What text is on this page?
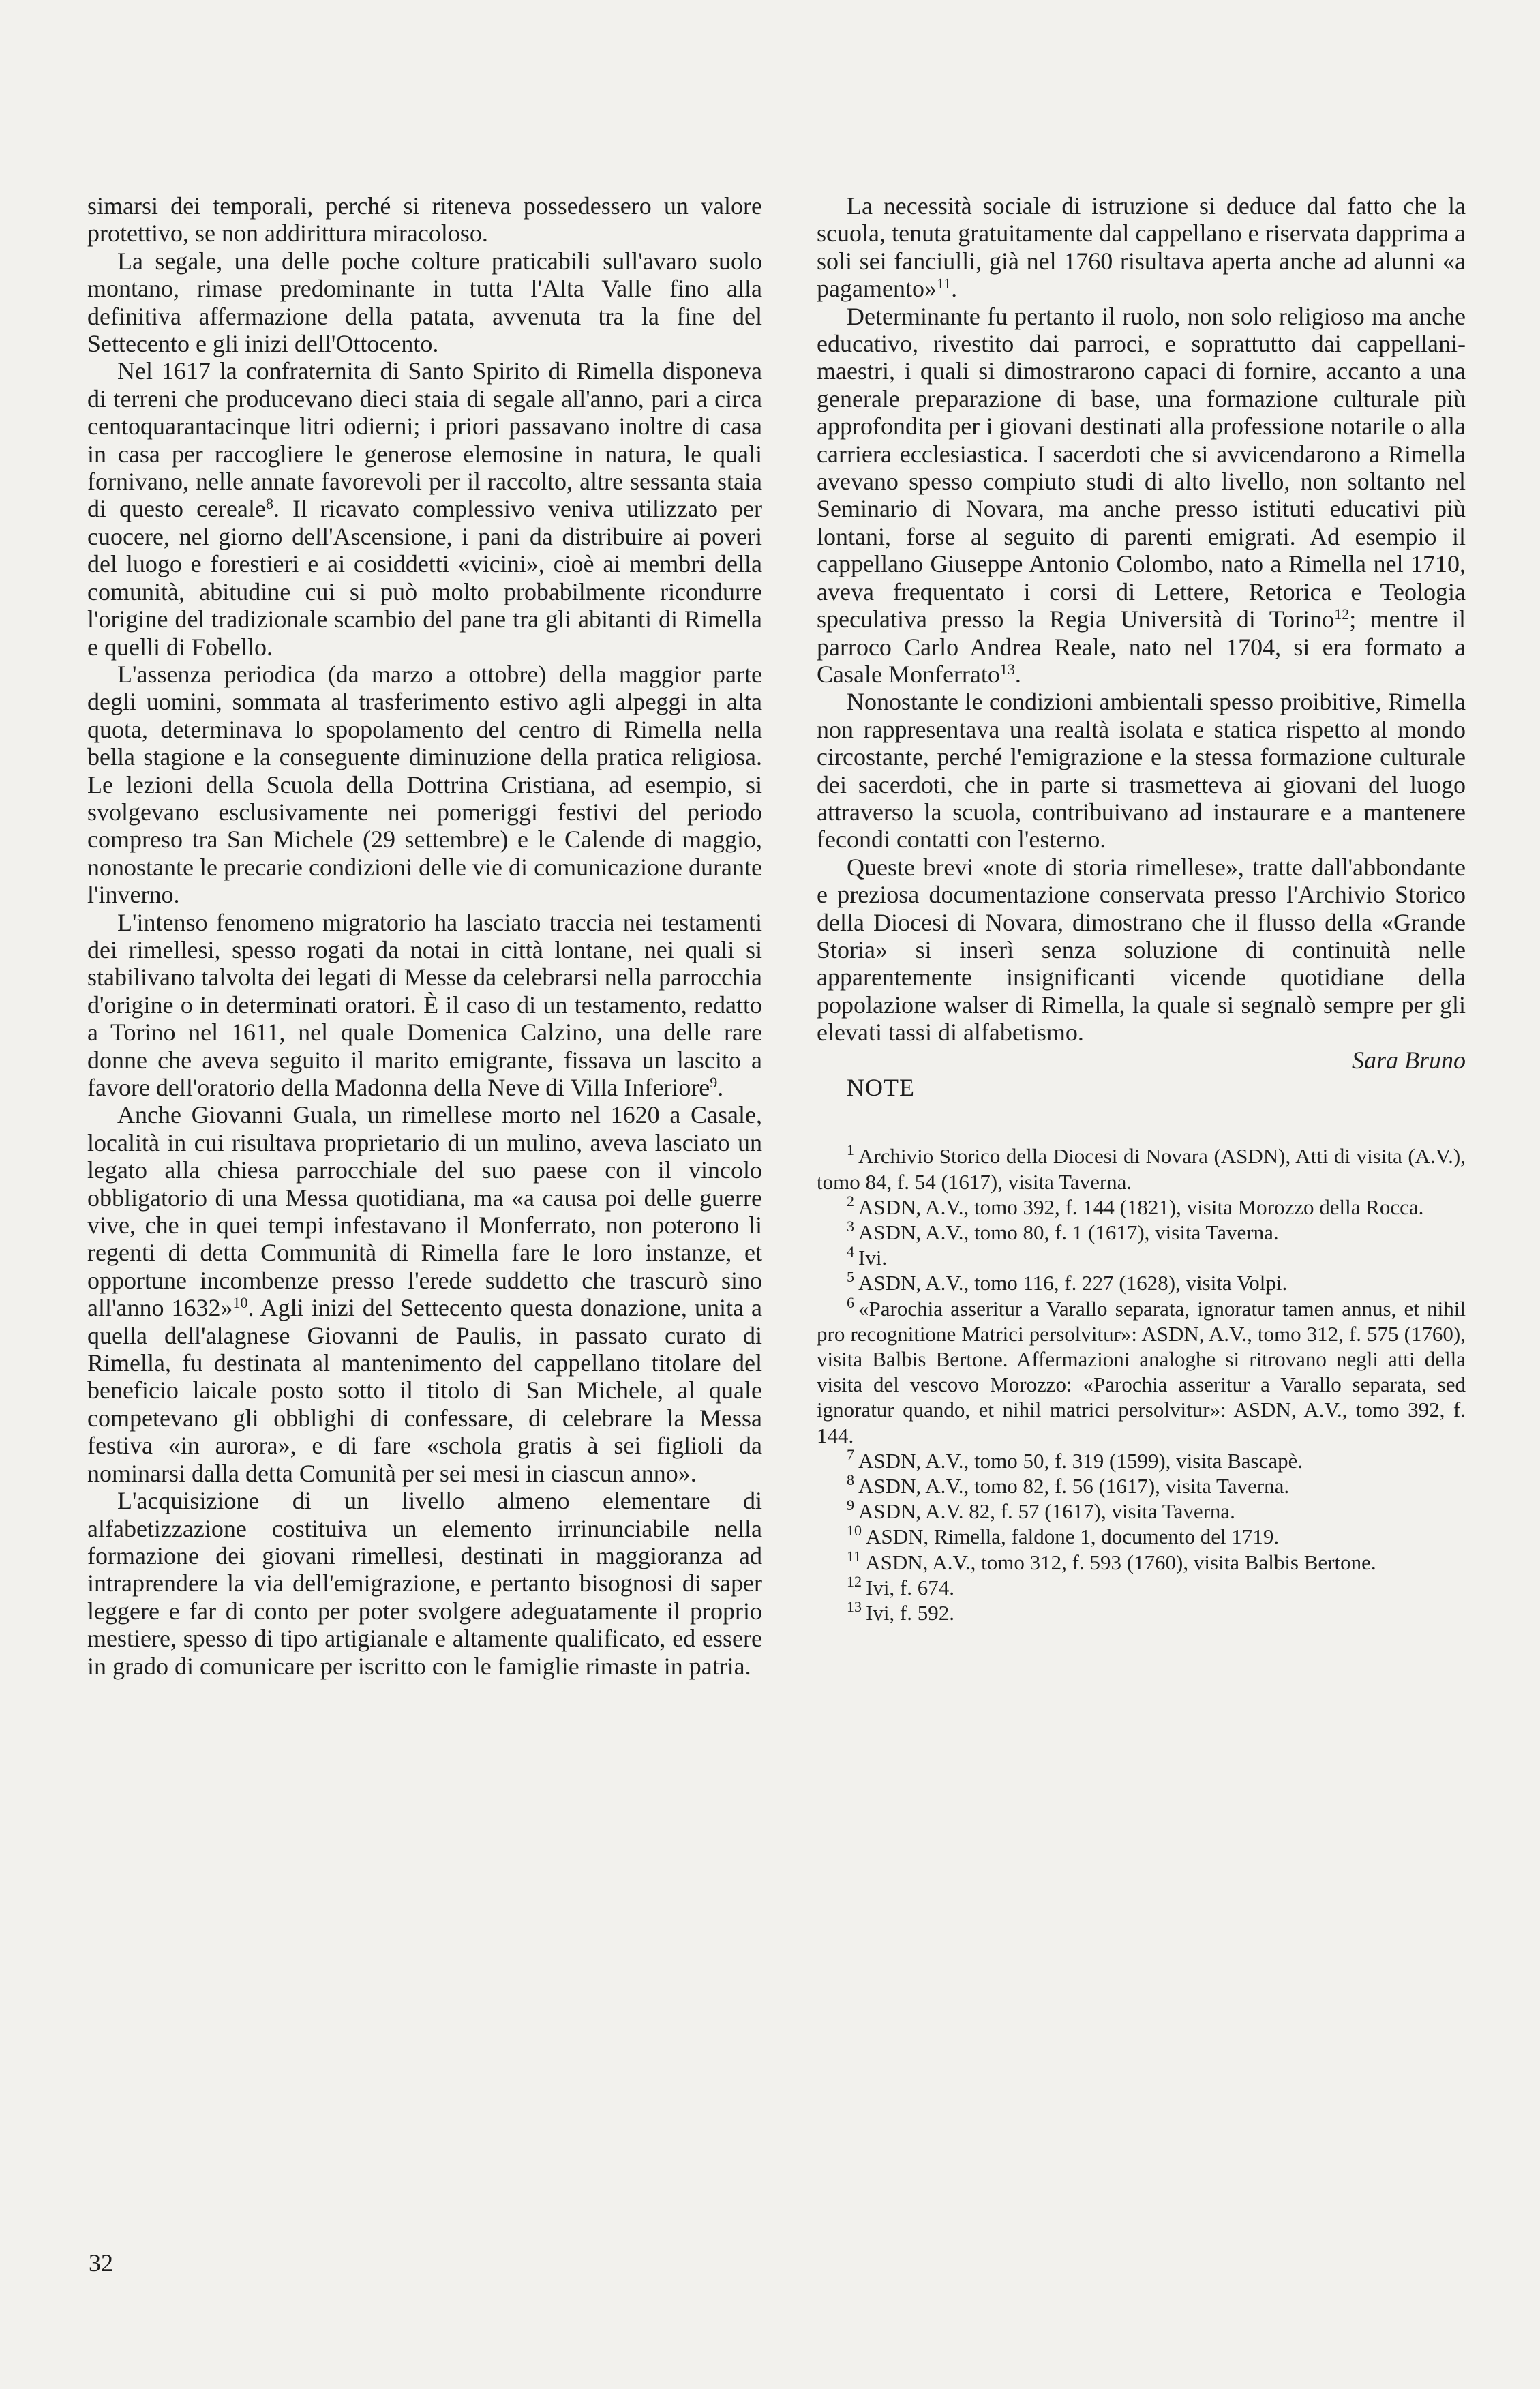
simarsi dei temporali, perché si riteneva possedessero un valore protettivo, se non addirittura miracoloso.

La segale, una delle poche colture praticabili sull'avaro suolo montano, rimase predominante in tutta l'Alta Valle fino alla definitiva affermazione della patata, avvenuta tra la fine del Settecento e gli inizi dell'Ottocento.

Nel 1617 la confraternita di Santo Spirito di Rimella disponeva di terreni che producevano dieci staia di segale all'anno, pari a circa centoquarantacinque litri odierni; i priori passavano inoltre di casa in casa per raccogliere le generose elemosine in natura, le quali fornivano, nelle annate favorevoli per il raccolto, altre sessanta staia di questo cereale$^8$. Il ricavato complessivo veniva utilizzato per cuocere, nel giorno dell'Ascensione, i pani da distribuire ai poveri del luogo e forestieri e ai cosiddetti «vicini», cioè ai membri della comunità, abitudine cui si può molto probabilmente ricondurre l'origine del tradizionale scambio del pane tra gli abitanti di Rimella e quelli di Fobello.

L'assenza periodica (da marzo a ottobre) della maggior parte degli uomini, sommata al trasferimento estivo agli alpeggi in alta quota, determinava lo spopolamento del centro di Rimella nella bella stagione e la conseguente diminuzione della pratica religiosa. Le lezioni della Scuola della Dottrina Cristiana, ad esempio, si svolgevano esclusivamente nei pomeriggi festivi del periodo compreso tra San Michele (29 settembre) e le Calende di maggio, nonostante le precarie condizioni delle vie di comunicazione durante l'inverno.

L'intenso fenomeno migratorio ha lasciato traccia nei testamenti dei rimellesi, spesso rogati da notai in città lontane, nei quali si stabilivano talvolta dei legati di Messe da celebrarsi nella parrocchia d'origine o in determinati oratori. È il caso di un testamento, redatto a Torino nel 1611, nel quale Domenica Calzino, una delle rare donne che aveva seguito il marito emigrante, fissava un lascito a favore dell'oratorio della Madonna della Neve di Villa Inferiore$^9$.

Anche Giovanni Guala, un rimellese morto nel 1620 a Casale, località in cui risultava proprietario di un mulino, aveva lasciato un legato alla chiesa parrocchiale del suo paese con il vincolo obbligatorio di una Messa quotidiana, ma «a causa poi delle guerre vive, che in quei tempi infestavano il Monferrato, non poterono li regenti di detta Communità di Rimella fare le loro instanze, et opportune incombenze presso l'erede suddetto che trascurò sino all'anno 1632»$^{10}$. Agli inizi del Settecento questa donazione, unita a quella dell'alagnese Giovanni de Paulis, in passato curato di Rimella, fu destinata al mantenimento del cappellano titolare del beneficio laicale posto sotto il titolo di San Michele, al quale competevano gli obblighi di confessare, di celebrare la Messa festiva «in aurora», e di fare «schola gratis à sei figlioli da nominarsi dalla detta Comunità per sei mesi in ciascun anno».

L'acquisizione di un livello almeno elementare di alfabetizzazione costituiva un elemento irrinunciabile nella formazione dei giovani rimellesi, destinati in maggioranza ad intraprendere la via dell'emigrazione, e pertanto bisognosi di saper leggere e far di conto per poter svolgere adeguatamente il proprio mestiere, spesso di tipo artigianale e altamente qualificato, ed essere in grado di comunicare per iscritto con le famiglie rimaste in patria.

La necessità sociale di istruzione si deduce dal fatto che la scuola, tenuta gratuitamente dal cappellano e riservata dapprima a soli sei fanciulli, già nel 1760 risultava aperta anche ad alunni «a pagamento»$^{11}$.

Determinante fu pertanto il ruolo, non solo religioso ma anche educativo, rivestito dai parroci, e soprattutto dai cappellani-maestri, i quali si dimostrarono capaci di fornire, accanto a una generale preparazione di base, una formazione culturale più approfondita per i giovani destinati alla professione notarile o alla carriera ecclesiastica. I sacerdoti che si avvicendarono a Rimella avevano spesso compiuto studi di alto livello, non soltanto nel Seminario di Novara, ma anche presso istituti educativi più lontani, forse al seguito di parenti emigrati. Ad esempio il cappellano Giuseppe Antonio Colombo, nato a Rimella nel 1710, aveva frequentato i corsi di Lettere, Retorica e Teologia speculativa presso la Regia Università di Torino$^{12}$; mentre il parroco Carlo Andrea Reale, nato nel 1704, si era formato a Casale Monferrato$^{13}$.

Nonostante le condizioni ambientali spesso proibitive, Rimella non rappresentava una realtà isolata e statica rispetto al mondo circostante, perché l'emigrazione e la stessa formazione culturale dei sacerdoti, che in parte si trasmetteva ai giovani del luogo attraverso la scuola, contribuivano ad instaurare e a mantenere fecondi contatti con l'esterno.

Queste brevi «note di storia rimellese», tratte dall'abbondante e preziosa documentazione conservata presso l'Archivio Storico della Diocesi di Novara, dimostrano che il flusso della «Grande Storia» si inserì senza soluzione di continuità nelle apparentemente insignificanti vicende quotidiane della popolazione walser di Rimella, la quale si segnalò sempre per gli elevati tassi di alfabetismo.

Sara Bruno

NOTE

$^1$ Archivio Storico della Diocesi di Novara (ASDN), Atti di visita (A.V.), tomo 84, f. 54 (1617), visita Taverna.
$^2$ ASDN, A.V., tomo 392, f. 144 (1821), visita Morozzo della Rocca.
$^3$ ASDN, A.V., tomo 80, f. 1 (1617), visita Taverna.
$^4$ Ivi.
$^5$ ASDN, A.V., tomo 116, f. 227 (1628), visita Volpi.
$^6$ «Parochia asseritur a Varallo separata, ignoratur tamen annus, et nihil pro recognitione Matrici persolvitur»: ASDN, A.V., tomo 312, f. 575 (1760), visita Balbis Bertone. Affermazioni analoghe si ritrovano negli atti della visita del vescovo Morozzo: «Parochia asseritur a Varallo separata, sed ignoratur quando, et nihil matrici persolvitur»: ASDN, A.V., tomo 392, f. 144.
$^7$ ASDN, A.V., tomo 50, f. 319 (1599), visita Bascapè.
$^8$ ASDN, A.V., tomo 82, f. 56 (1617), visita Taverna.
$^9$ ASDN, A.V. 82, f. 57 (1617), visita Taverna.
$^{10}$ ASDN, Rimella, faldone 1, documento del 1719.
$^{11}$ ASDN, A.V., tomo 312, f. 593 (1760), visita Balbis Bertone.
$^{12}$ Ivi, f. 674.
$^{13}$ Ivi, f. 592.
32
